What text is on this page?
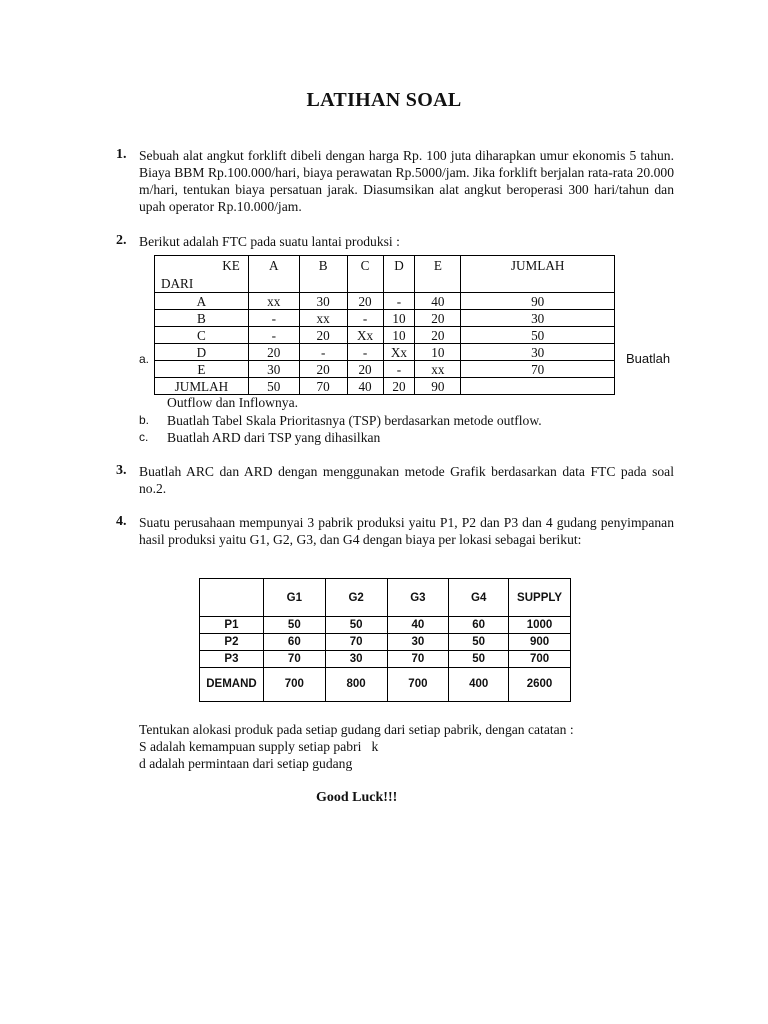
LATIHAN SOAL
1. Sebuah alat angkut forklift dibeli dengan harga Rp. 100 juta diharapkan umur ekonomis 5 tahun. Biaya BBM Rp.100.000/hari, biaya perawatan Rp.5000/jam. Jika forklift berjalan rata-rata 20.000 m/hari, tentukan biaya persatuan jarak. Diasumsikan alat angkut beroperasi 300 hari/tahun dan upah operator Rp.10.000/jam.
2. Berikut adalah FTC pada suatu lantai produksi :
KE
DARI	A	B	C	D	E	JUMLAH
A	xx	30	20	-	40	90
B	-	xx	-	10	20	30
C	-	20	Xx	10	20	50
D	20	-	-	Xx	10	30
E	30	20	20	-	xx	70
JUMLAH	50	70	40	20	90	
a.	Buatlah
Outflow dan Inflownya.
b. Buatlah Tabel Skala Prioritasnya (TSP) berdasarkan metode outflow.
c. Buatlah ARD dari TSP yang dihasilkan
3. Buatlah ARC dan ARD dengan menggunakan metode Grafik berdasarkan data FTC pada soal no.2.
4. Suatu perusahaan mempunyai 3 pabrik produksi yaitu P1, P2 dan P3 dan 4 gudang penyimpanan hasil produksi yaitu G1, G2, G3, dan G4 dengan biaya per lokasi sebagai berikut:
	G1	G2	G3	G4	SUPPLY
P1	50	50	40	60	1000
P2	60	70	30	50	900
P3	70	30	70	50	700
DEMAND	700	800	700	400	2600
Tentukan alokasi produk pada setiap gudang dari setiap pabrik, dengan catatan :
S adalah kemampuan supply setiap pabri   k
d adalah permintaan dari setiap gudang
Good Luck!!!
